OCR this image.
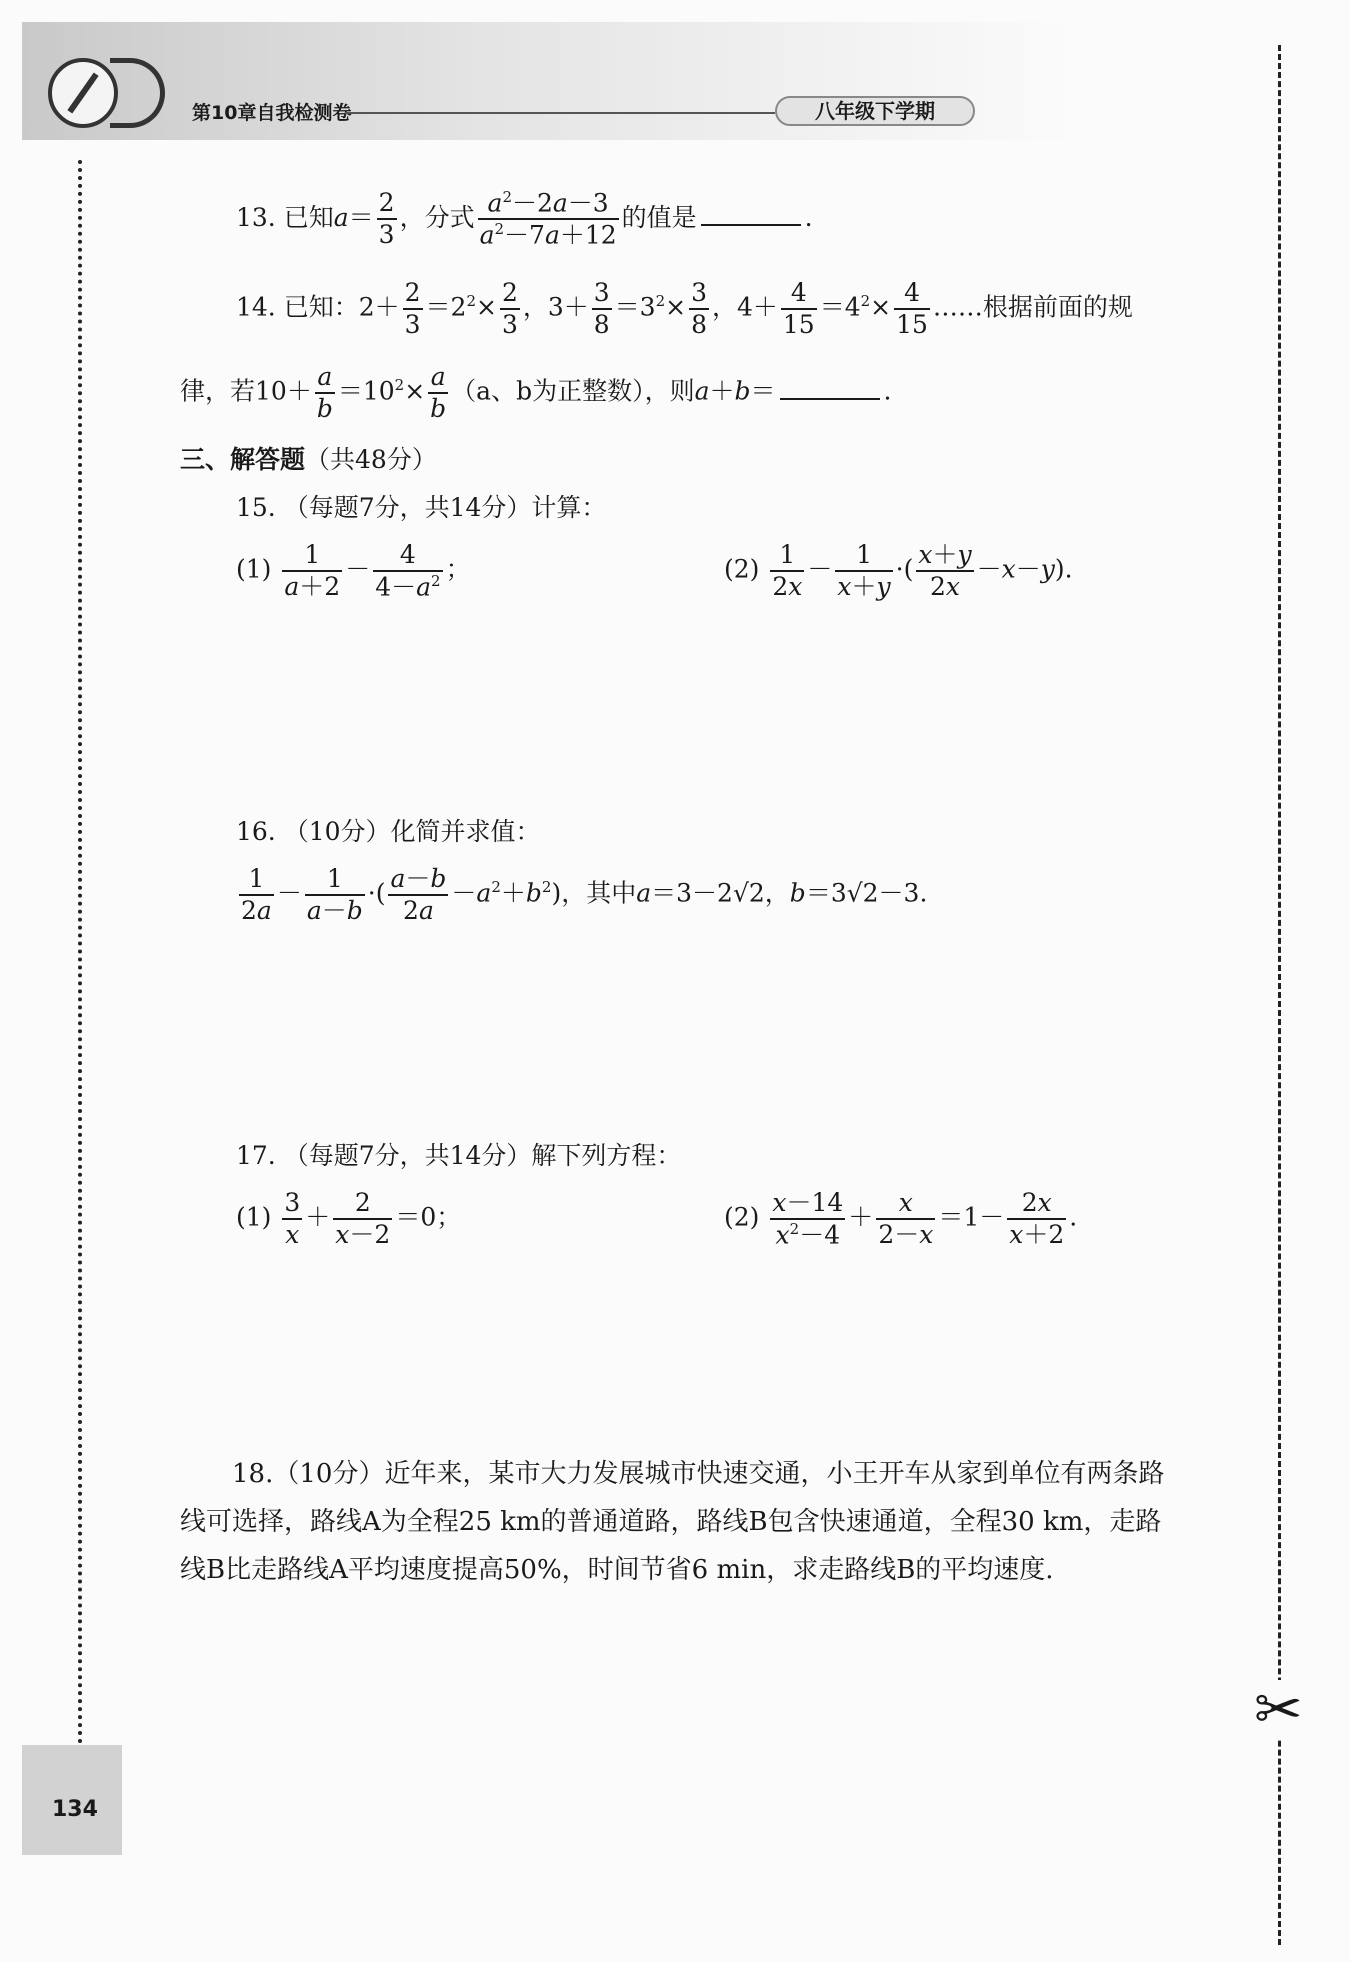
第10章自我检测卷	八年级下学期
✂
13. 已知$a= \frac{2}{3}$ ，分式 $\frac{a^2-2a-3}{a^2-7a+12}$ 的值是	.
14. 已知：$2+ \frac{2}{3} =2^2\times \frac{2}{3}$ ，$3+ \frac{3}{8} =3^2\times \frac{3}{8}$ ，$4+ \frac{4}{15} =4^2\times \frac{4}{15}$ ……根据前面的规
律，若$10+ \frac{a}{b} =10^2\times \frac{a}{b} (a$、b为正整数），则a＋b＝	.
三、解答题（共48分）
15. （每题7分，共14分）计算：
$(1) \frac{1}{a+2} - \frac{4}{4-a^2}$ ；	$(2) \frac{1}{2x} - \frac{1}{x+y}$ ·( $\frac{x+y}{2x} -x-y$).
16. （10分）化简并求值：
$\frac{1}{2a} - \frac{1}{a-b}$ ·( $\frac{a-b}{2a} -a^2+b^2$)，其中a＝3－2√2，b＝3√2－3.
17. （每题7分，共14分）解下列方程：
$(1) \frac{3}{x} + \frac{2}{x-2} =0$；	$(2) \frac{x-14}{x^2-4} + \frac{x}{2-x} =1- \frac{2x}{x+2}$ .
18.（10分）近年来，某市大力发展城市快速交通，小王开车从家到单位有两条路线可选择，路线A为全程25 km的普通道路，路线B包含快速通道，全程30 km，走路线B比走路线A平均速度提高50%，时间节省6 min，求走路线B的平均速度.
134
